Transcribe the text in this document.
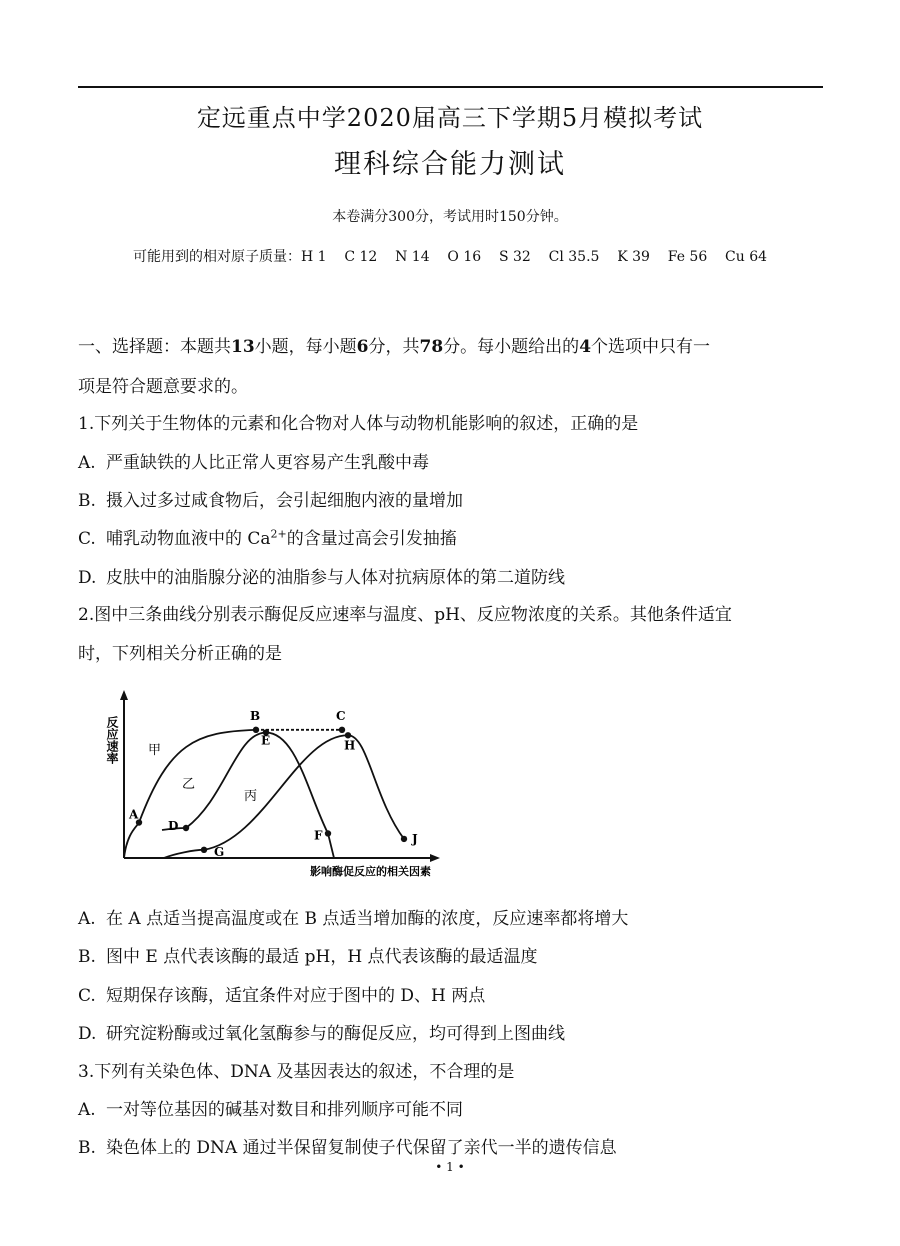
定远重点中学2020届高三下学期5月模拟考试
理科综合能力测试
本卷满分300分，考试用时150分钟。
可能用到的相对原子质量：H 1    C 12    N 14    O 16    S 32    Cl 35.5    K 39    Fe 56    Cu 64
一、选择题：本题共13小题，每小题6分，共78分。每小题给出的4个选项中只有一
项是符合题意要求的。
1.下列关于生物体的元素和化合物对人体与动物机能影响的叙述，正确的是
A. 严重缺铁的人比正常人更容易产生乳酸中毒
B. 摄入过多过咸食物后，会引起细胞内液的量增加
C. 哺乳动物血液中的 $Ca^{2+}$的含量过高会引发抽搐
D. 皮肤中的油脂腺分泌的油脂参与人体对抗病原体的第二道防线
2.图中三条曲线分别表示酶促反应速率与温度、pH、反应物浓度的关系。其他条件适宜
时，下列相关分析正确的是
反应速率
影响酶促反应的相关因素
甲
乙
丙
A
B	C
D
E
F
G
H
J
A. 在 A 点适当提高温度或在 B 点适当增加酶的浓度，反应速率都将增大
B. 图中 E 点代表该酶的最适 pH，H 点代表该酶的最适温度
C. 短期保存该酶，适宜条件对应于图中的 D、H 两点
D. 研究淀粉酶或过氧化氢酶参与的酶促反应，均可得到上图曲线
3.下列有关染色体、DNA 及基因表达的叙述，不合理的是
A. 一对等位基因的碱基对数目和排列顺序可能不同
B. 染色体上的 DNA 通过半保留复制使子代保留了亲代一半的遗传信息
• 1 •
